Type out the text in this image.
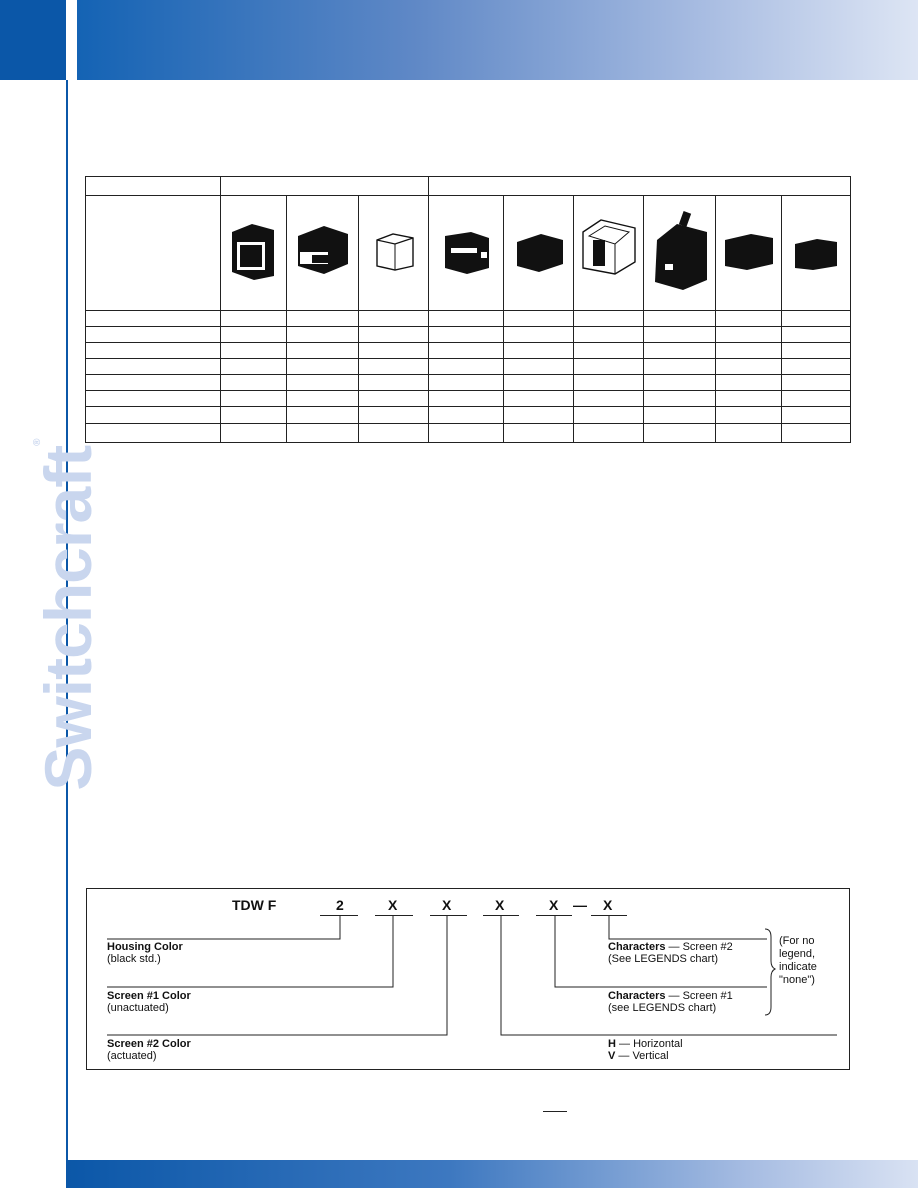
Switchcraft®
TDW F	2	X	X	X	X — X
Housing Color
(black std.)
Screen #1 Color
(unactuated)
Screen #2 Color
(actuated)
Characters — Screen #2
(See LEGENDS chart)
Characters — Screen #1
(see LEGENDS chart)
H — Horizontal
V — Vertical
(For no
legend,
indicate
"none")
